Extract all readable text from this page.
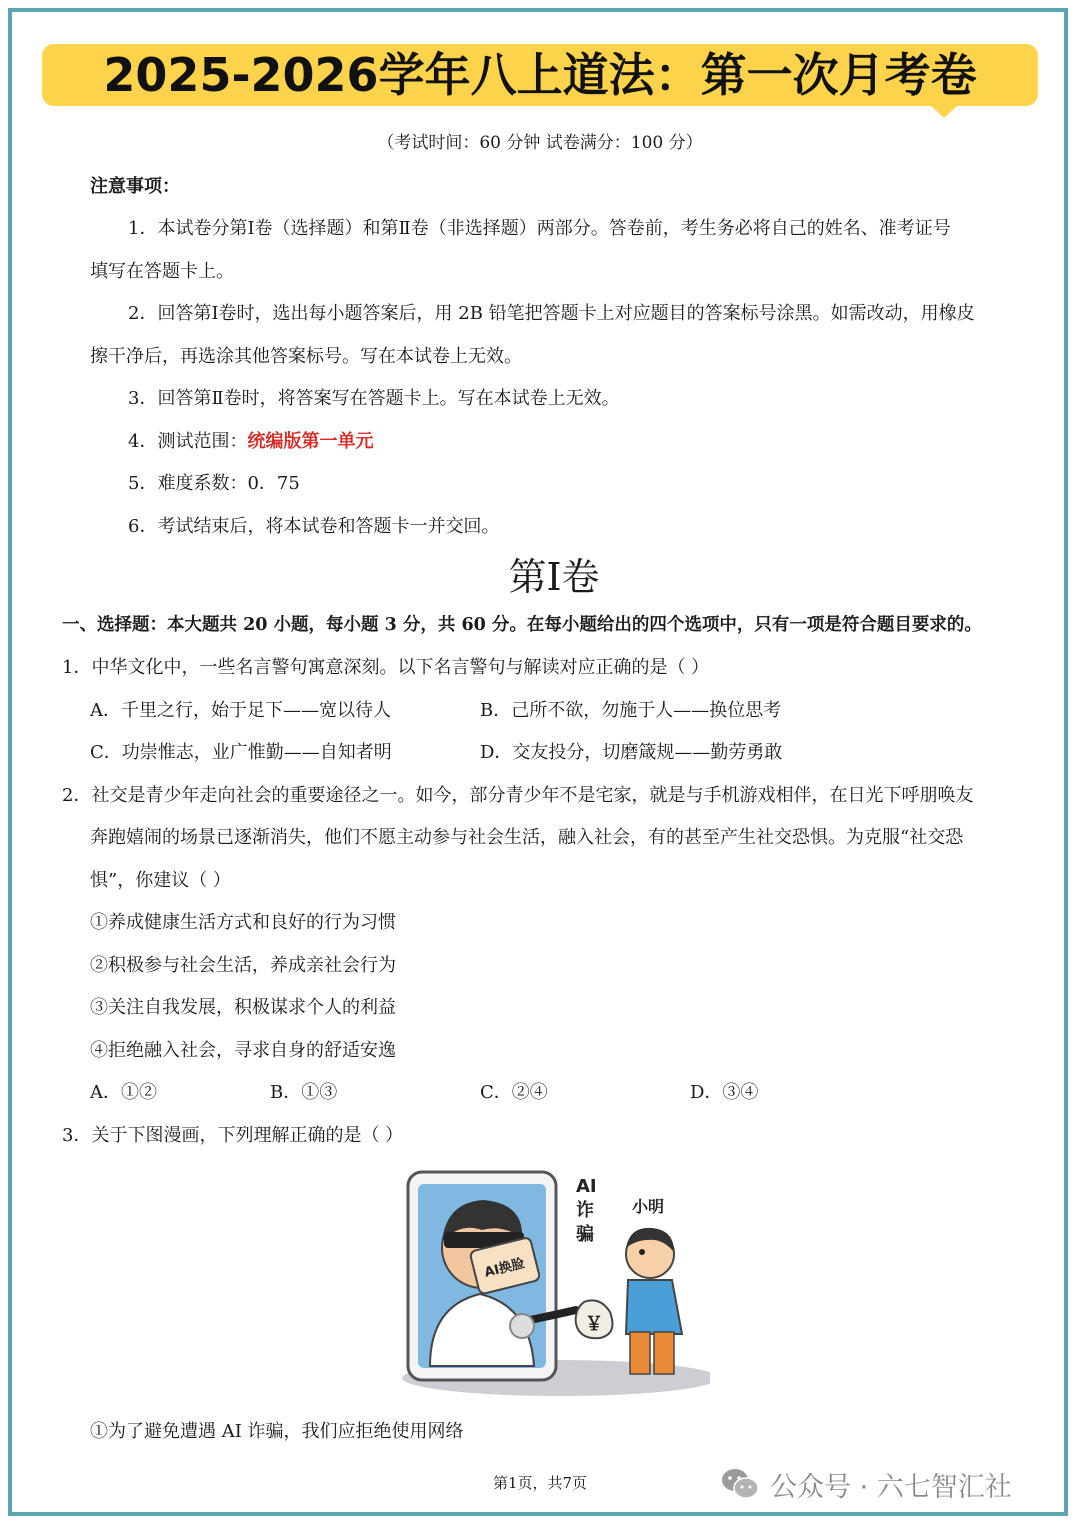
2025-2026学年八上道法：第一次月考卷
（考试时间：60 分钟 试卷满分：100 分）
注意事项：
1．本试卷分第Ⅰ卷（选择题）和第Ⅱ卷（非选择题）两部分。答卷前，考生务必将自己的姓名、准考证号
填写在答题卡上。
2．回答第Ⅰ卷时，选出每小题答案后，用 2B 铅笔把答题卡上对应题目的答案标号涂黑。如需改动，用橡皮
擦干净后，再选涂其他答案标号。写在本试卷上无效。
3．回答第Ⅱ卷时，将答案写在答题卡上。写在本试卷上无效。
4．测试范围：统编版第一单元
5．难度系数：0．75
6．考试结束后，将本试卷和答题卡一并交回。
第Ⅰ卷
一、选择题：本大题共 20 小题，每小题 3 分，共 60 分。在每小题给出的四个选项中，只有一项是符合题目要求的。
1．中华文化中，一些名言警句寓意深刻。以下名言警句与解读对应正确的是（ ）
A．千里之行，始于足下——宽以待人	B．己所不欲，勿施于人——换位思考
C．功崇惟志，业广惟勤——自知者明	D．交友投分，切磨箴规——勤劳勇敢
2．社交是青少年走向社会的重要途径之一。如今，部分青少年不是宅家，就是与手机游戏相伴，在日光下呼朋唤友
奔跑嬉闹的场景已逐渐消失，他们不愿主动参与社会生活，融入社会，有的甚至产生社交恐惧。为克服“社交恐
惧”，你建议（ ）
①养成健康生活方式和良好的行为习惯
②积极参与社会生活，养成亲社会行为
③关注自我发展，积极谋求个人的利益
④拒绝融入社会，寻求自身的舒适安逸
A．①②	B．①③	C．②④	D．③④
3．关于下图漫画，下列理解正确的是（ ）
AI换脸
AI
诈
骗
小明
￥
①为了避免遭遇 AI 诈骗，我们应拒绝使用网络
第1页，共7页	公众号 · 六七智汇社
